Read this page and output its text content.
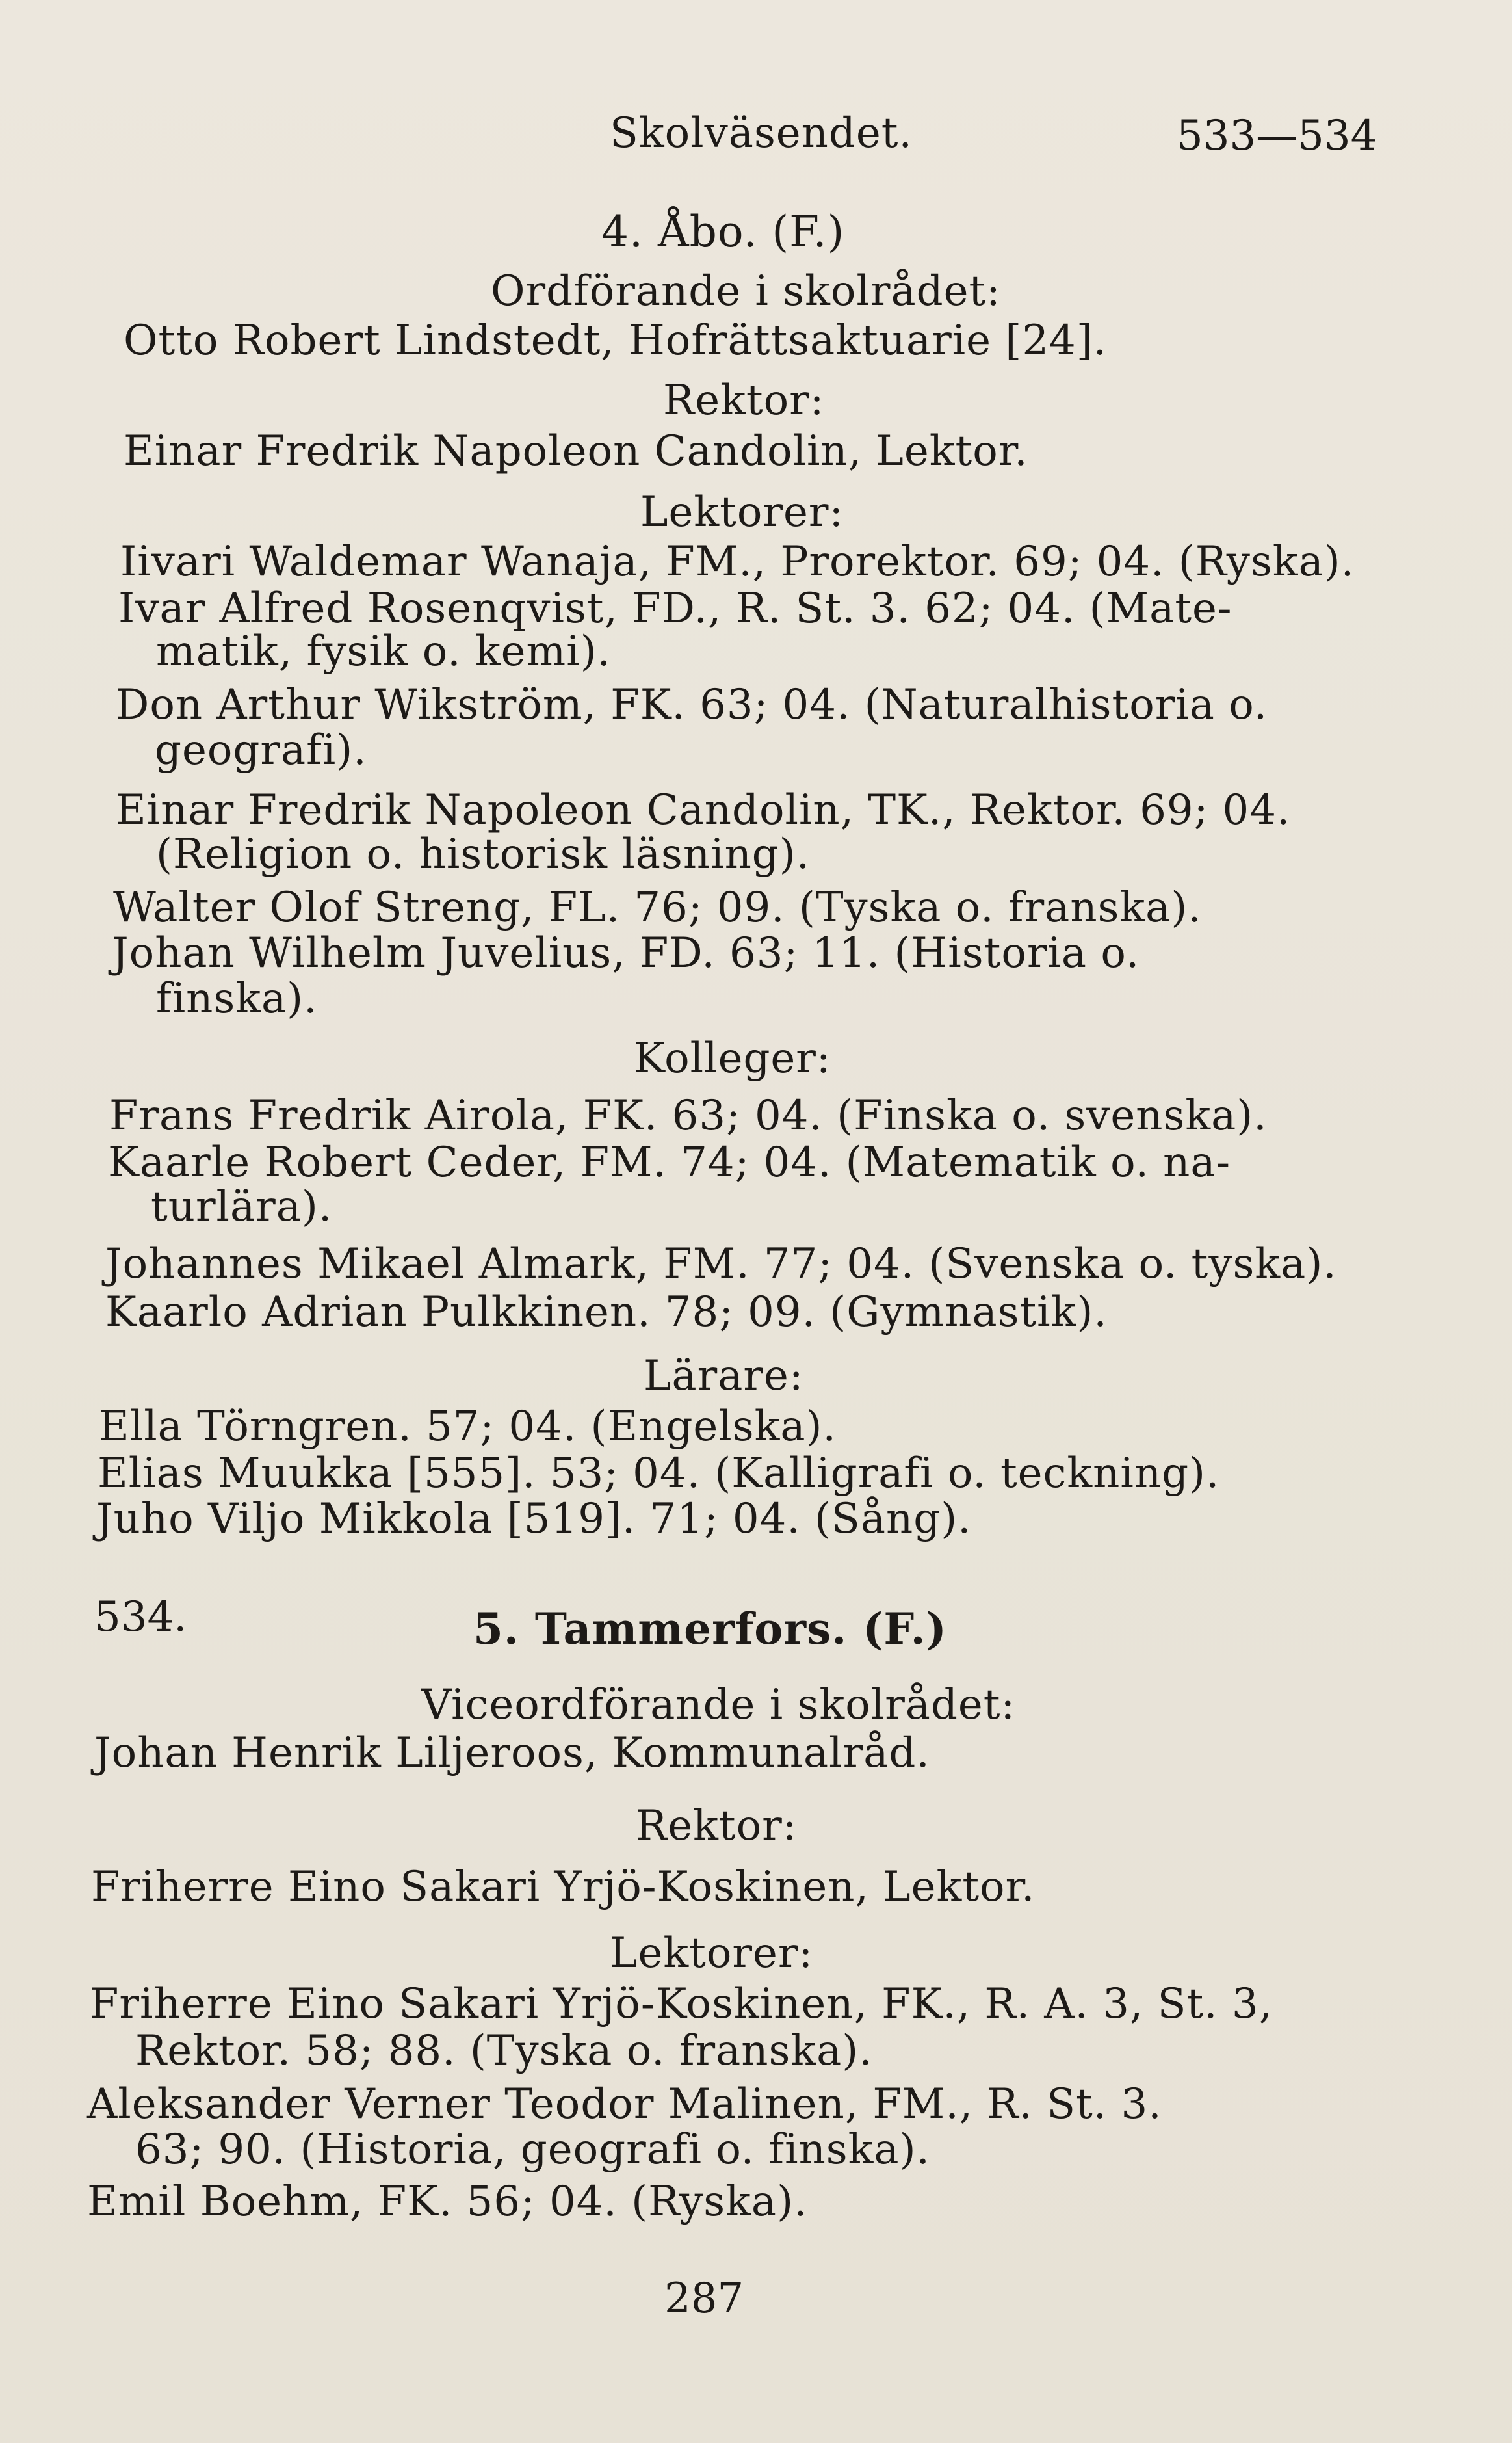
Skolväsendet.	533—534
4. Åbo. (F.)
Ordförande i skolrådet:
Otto Robert Lindstedt, Hofrättsaktuarie [24].
Rektor:
Einar Fredrik Napoleon Candolin, Lektor.
Lektorer:
Iivari Waldemar Wanaja, FM., Prorektor. 69; 04. (Ryska).
Ivar Alfred Rosenqvist, FD., R. St. 3. 62; 04. (Mate-
matik, fysik o. kemi).
Don Arthur Wikström, FK. 63; 04. (Naturalhistoria o.
geografi).
Einar Fredrik Napoleon Candolin, TK., Rektor. 69; 04.
(Religion o. historisk läsning).
Walter Olof Streng, FL. 76; 09. (Tyska o. franska).
Johan Wilhelm Juvelius, FD. 63; 11. (Historia o.
finska).
Kolleger:
Frans Fredrik Airola, FK. 63; 04. (Finska o. svenska).
Kaarle Robert Ceder, FM. 74; 04. (Matematik o. na-
turlära).
Johannes Mikael Almark, FM. 77; 04. (Svenska o. tyska).
Kaarlo Adrian Pulkkinen. 78; 09. (Gymnastik).
Lärare:
Ella Törngren. 57; 04. (Engelska).
Elias Muukka [555]. 53; 04. (Kalligrafi o. teckning).
Juho Viljo Mikkola [519]. 71; 04. (Sång).
534.	5. Tammerfors. (F.)
Viceordförande i skolrådet:
Johan Henrik Liljeroos, Kommunalråd.
Rektor:
Friherre Eino Sakari Yrjö-Koskinen, Lektor.
Lektorer:
Friherre Eino Sakari Yrjö-Koskinen, FK., R. A. 3, St. 3,
Rektor. 58; 88. (Tyska o. franska).
Aleksander Verner Teodor Malinen, FM., R. St. 3.
63; 90. (Historia, geografi o. finska).
Emil Boehm, FK. 56; 04. (Ryska).
287
